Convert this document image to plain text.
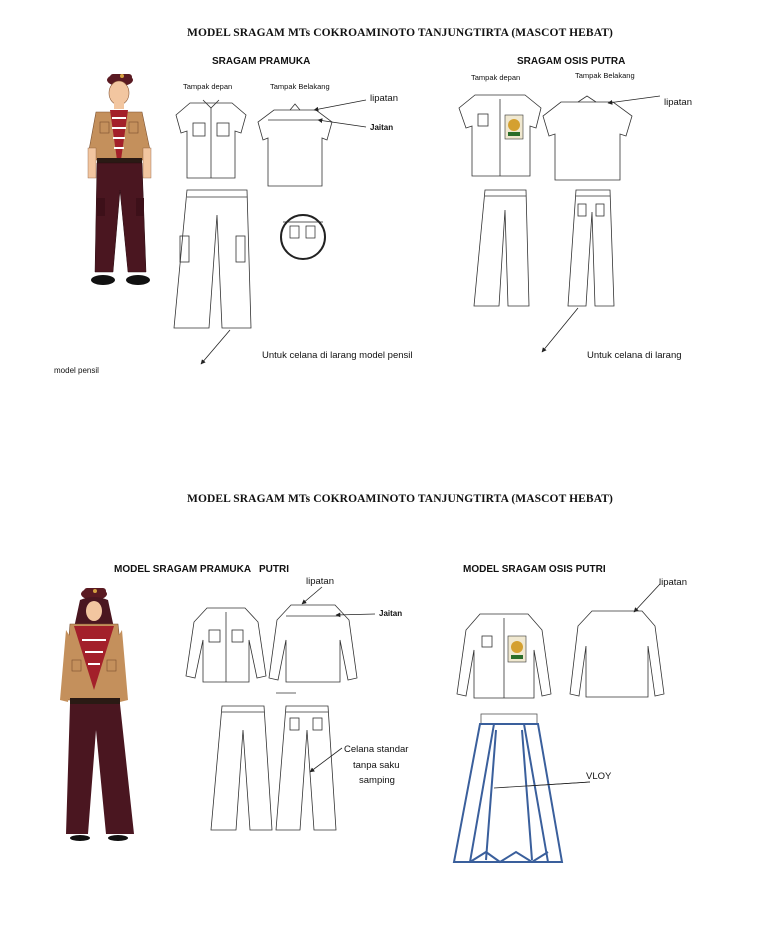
MODEL SRAGAM MTs COKROAMINOTO TANJUNGTIRTA (MASCOT HEBAT)
SRAGAM PRAMUKA
Tampak depan	Tampak Belakang
lipatan
Jaitan
Untuk celana di larang model pensil
model pensil
SRAGAM OSIS PUTRA
Tampak depan	Tampak Belakang
lipatan
Untuk celana di larang
MODEL SRAGAM MTs COKROAMINOTO TANJUNGTIRTA (MASCOT HEBAT)
MODEL SRAGAM PRAMUKA   PUTRI
lipatan
Jaitan
Celana standar
tanpa saku
samping
MODEL SRAGAM OSIS PUTRI
lipatan
VLOY
